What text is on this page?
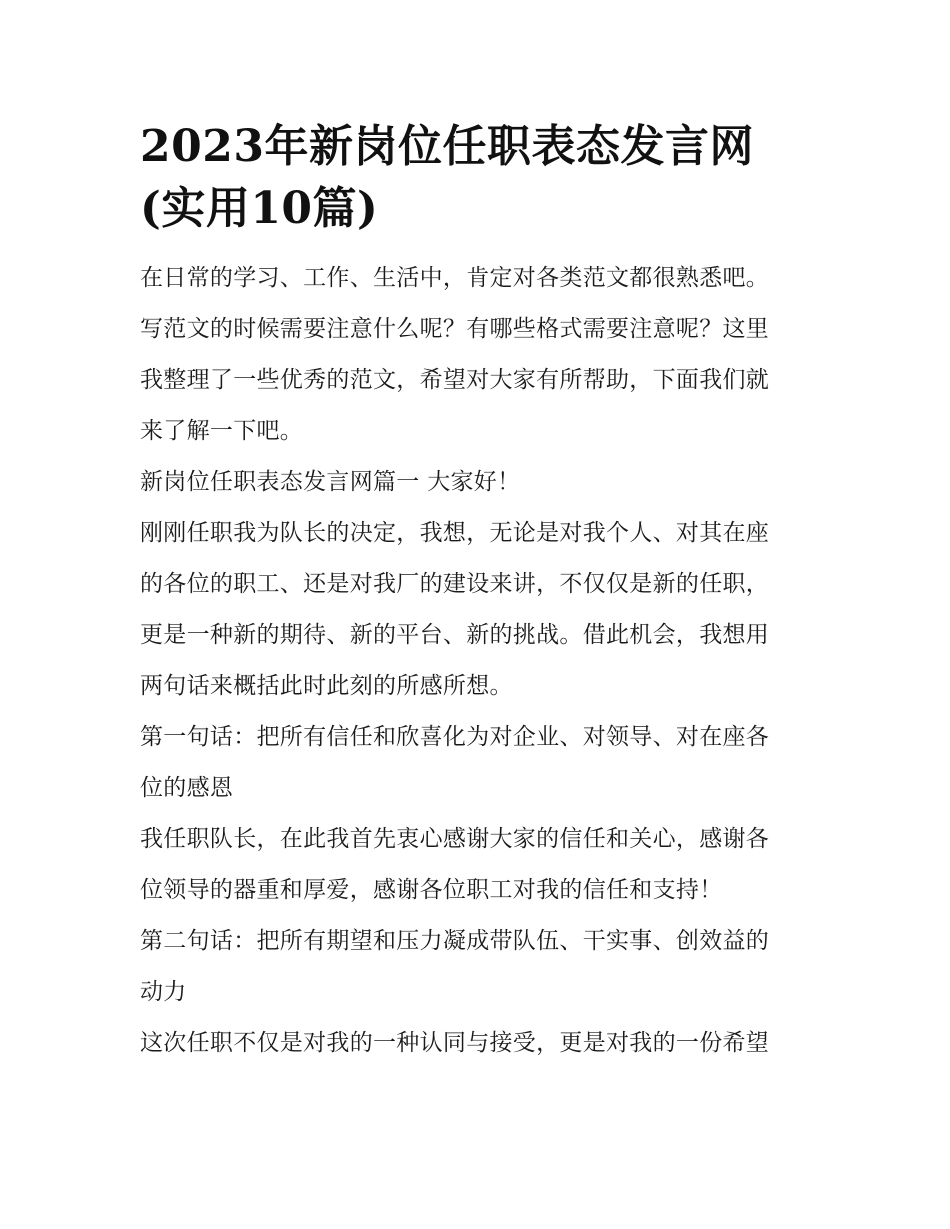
2023年新岗位任职表态发言网
(实用10篇)

在日常的学习、工作、生活中，肯定对各类范文都很熟悉吧。

写范文的时候需要注意什么呢？有哪些格式需要注意呢？这里

我整理了一些优秀的范文，希望对大家有所帮助，下面我们就

来了解一下吧。

新岗位任职表态发言网篇一 大家好！

刚刚任职我为队长的决定，我想，无论是对我个人、对其在座

的各位的职工、还是对我厂的建设来讲，不仅仅是新的任职，

更是一种新的期待、新的平台、新的挑战。借此机会，我想用

两句话来概括此时此刻的所感所想。

第一句话：把所有信任和欣喜化为对企业、对领导、对在座各

位的感恩

我任职队长，在此我首先衷心感谢大家的信任和关心，感谢各

位领导的器重和厚爱，感谢各位职工对我的信任和支持！

第二句话：把所有期望和压力凝成带队伍、干实事、创效益的

动力

这次任职不仅是对我的一种认同与接受，更是对我的一份希望
